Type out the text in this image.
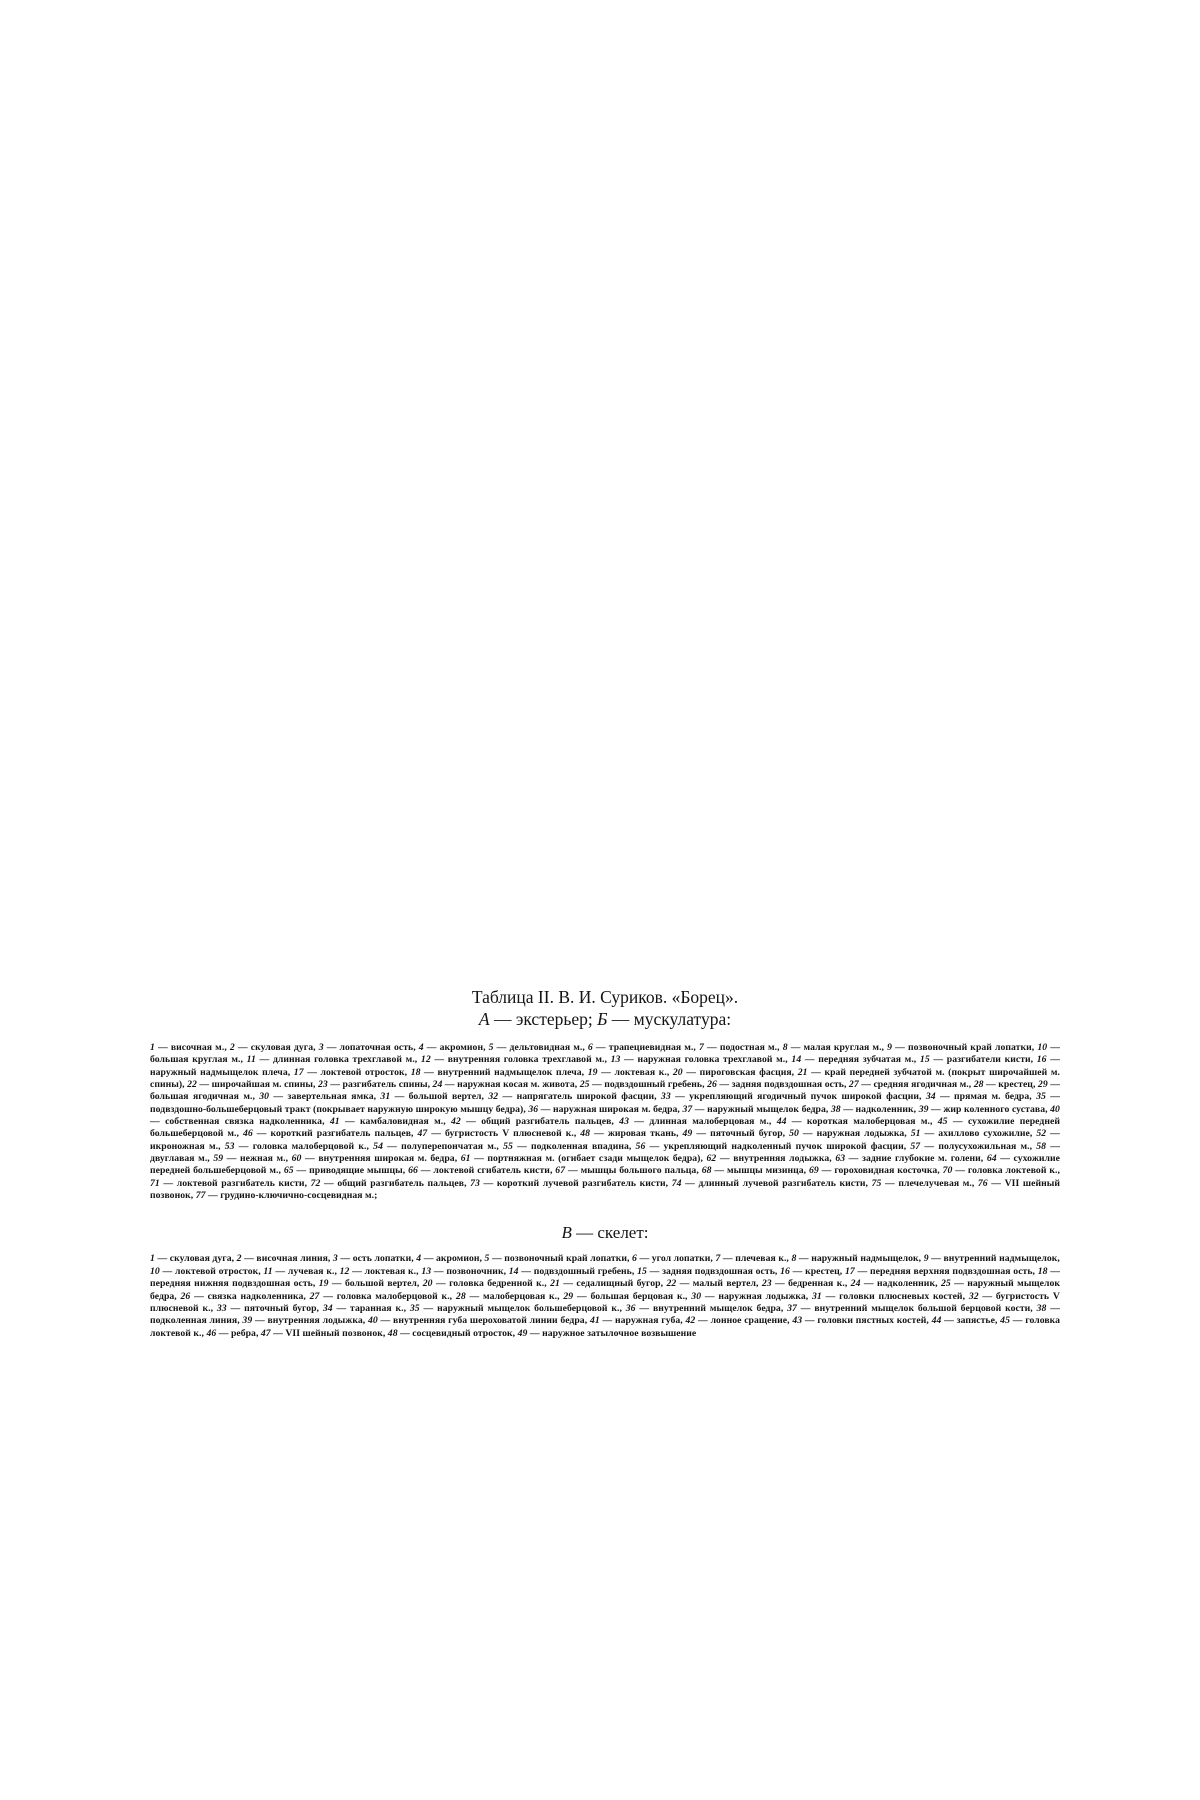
Таблица II. В. И. Суриков. «Борец».
А — экстерьер; Б — мускулатура:

1 — височная м., 2 — скуловая дуга, 3 — лопаточная ость, 4 — акромион, 5 — дельтовидная м., 6 — трапециевидная м., 7 — подостная м., 8 — малая круглая м., 9 — позвоночный край лопатки, 10 — большая круглая м., 11 — длинная головка трехглавой м., 12 — внутренняя головка трехглавой м., 13 — наружная головка трехглавой м., 14 — передняя зубчатая м., 15 — разгибатели кисти, 16 — наружный надмыщелок плеча, 17 — локтевой отросток, 18 — внутренний надмыщелок плеча, 19 — локтевая к., 20 — пироговская фасция, 21 — край передней зубчатой м. (покрыт широчайшей м. спины), 22 — широчайшая м. спины, 23 — разгибатель спины, 24 — наружная косая м. живота, 25 — подвздошный гребень, 26 — задняя подвздошная ость, 27 — средняя ягодичная м., 28 — крестец, 29 — большая ягодичная м., 30 — завертельная ямка, 31 — большой вертел, 32 — напрягатель широкой фасции, 33 — укрепляющий ягодичный пучок широкой фасции, 34 — прямая м. бедра, 35 — подвздошно-большеберцовый тракт (покрывает наружную широкую мышцу бедра), 36 — наружная широкая м. бедра, 37 — наружный мыщелок бедра, 38 — надколенник, 39 — жир коленного сустава, 40 — собственная связка надколенника, 41 — камбаловидная м., 42 — общий разгибатель пальцев, 43 — длинная малоберцовая м., 44 — короткая малоберцовая м., 45 — сухожилие передней большеберцовой м., 46 — короткий разгибатель пальцев, 47 — бугристость V плюсневой к., 48 — жировая ткань, 49 — пяточный бугор, 50 — наружная лодыжка, 51 — ахиллово сухожилие, 52 — икроножная м., 53 — головка малоберцовой к., 54 — полуперепончатая м., 55 — подколенная впадина, 56 — укрепляющий надколенный пучок широкой фасции, 57 — полусухожильная м., 58 — двуглавая м., 59 — нежная м., 60 — внутренняя широкая м. бедра, 61 — портняжная м. (огибает сзади мыщелок бедра), 62 — внутренняя лодыжка, 63 — задние глубокие м. голени, 64 — сухожилие передней большеберцовой м., 65 — приводящие мышцы, 66 — локтевой сгибатель кисти, 67 — мышцы большого пальца, 68 — мышцы мизинца, 69 — гороховидная косточка, 70 — головка локтевой к., 71 — локтевой разгибатель кисти, 72 — общий разгибатель пальцев, 73 — короткий лучевой разгибатель кисти, 74 — длинный лучевой разгибатель кисти, 75 — плечелучевая м., 76 — VII шейный позвонок, 77 — грудино-ключично-сосцевидная м.;

В — скелет:

1 — скуловая дуга, 2 — височная линия, 3 — ость лопатки, 4 — акромион, 5 — позвоночный край лопатки, 6 — угол лопатки, 7 — плечевая к., 8 — наружный надмыщелок, 9 — внутренний надмыщелок, 10 — локтевой отросток, 11 — лучевая к., 12 — локтевая к., 13 — позвоночник, 14 — подвздошный гребень, 15 — задняя подвздошная ость, 16 — крестец, 17 — передняя верхняя подвздошная ость, 18 — передняя нижняя подвздошная ость, 19 — большой вертел, 20 — головка бедренной к., 21 — седалищный бугор, 22 — малый вертел, 23 — бедренная к., 24 — надколенник, 25 — наружный мыщелок бедра, 26 — связка надколенника, 27 — головка малоберцовой к., 28 — малоберцовая к., 29 — большая берцовая к., 30 — наружная лодыжка, 31 — головки плюсневых костей, 32 — бугристость V плюсневой к., 33 — пяточный бугор, 34 — таранная к., 35 — наружный мыщелок большеберцовой к., 36 — внутренний мыщелок бедра, 37 — внутренний мыщелок большой берцовой кости, 38 — подколенная линия, 39 — внутренняя лодыжка, 40 — внутренняя губа шероховатой линии бедра, 41 — наружная губа, 42 — лонное сращение, 43 — головки пястных костей, 44 — запястье, 45 — головка локтевой к., 46 — ребра, 47 — VII шейный позвонок, 48 — сосцевидный отросток, 49 — наружное затылочное возвышение
